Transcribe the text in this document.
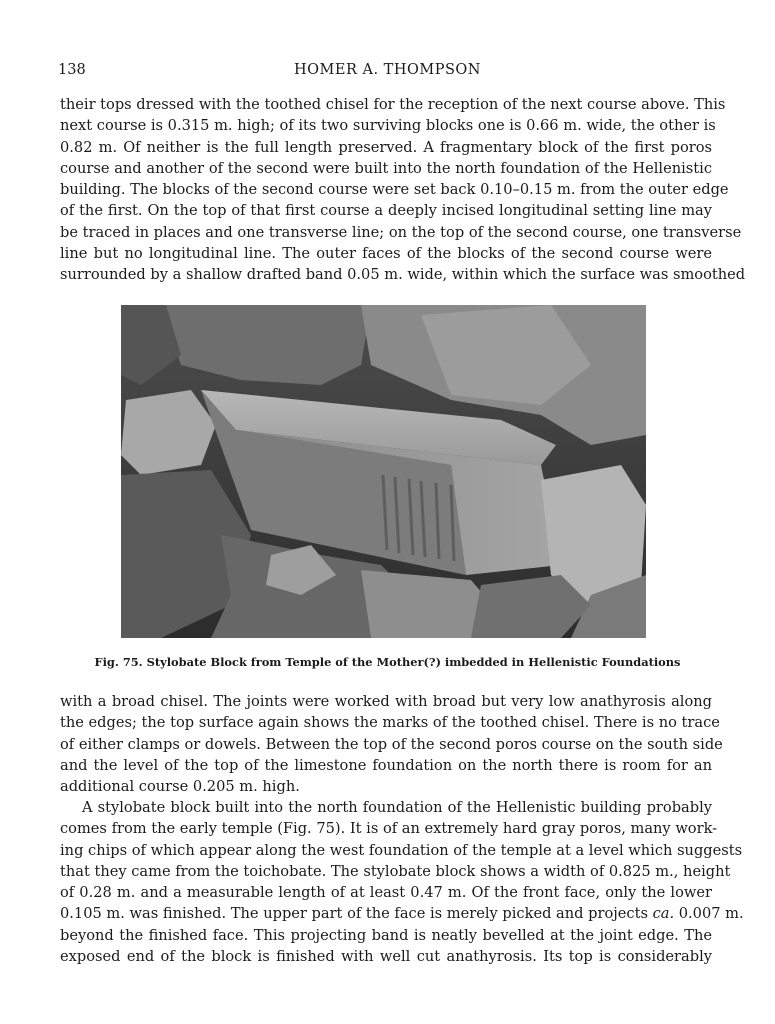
138	HOMER A. THOMPSON
their tops dressed with the toothed chisel for the reception of the next course above. This
next course is 0.315 m. high; of its two surviving blocks one is 0.66 m. wide, the other is
0.82 m. Of neither is the full length preserved. A fragmentary block of the first poros
course and another of the second were built into the north foundation of the Hellenistic
building. The blocks of the second course were set back 0.10–0.15 m. from the outer edge
of the first. On the top of that first course a deeply incised longitudinal setting line may
be traced in places and one transverse line; on the top of the second course, one transverse
line but no longitudinal line. The outer faces of the blocks of the second course were
surrounded by a shallow drafted band 0.05 m. wide, within which the surface was smoothed
Fig. 75. Stylobate Block from Temple of the Mother(?) imbedded in Hellenistic Foundations
with a broad chisel. The joints were worked with broad but very low anathyrosis along
the edges; the top surface again shows the marks of the toothed chisel. There is no trace
of either clamps or dowels. Between the top of the second poros course on the south side
and the level of the top of the limestone foundation on the north there is room for an
additional course 0.205 m. high.
A stylobate block built into the north foundation of the Hellenistic building probably
comes from the early temple (Fig. 75). It is of an extremely hard gray poros, many work-
ing chips of which appear along the west foundation of the temple at a level which suggests
that they came from the toichobate. The stylobate block shows a width of 0.825 m., height
of 0.28 m. and a measurable length of at least 0.47 m. Of the front face, only the lower
0.105 m. was finished. The upper part of the face is merely picked and projects ca. 0.007 m.
beyond the finished face. This projecting band is neatly bevelled at the joint edge. The
exposed end of the block is finished with well cut anathyrosis. Its top is considerably
